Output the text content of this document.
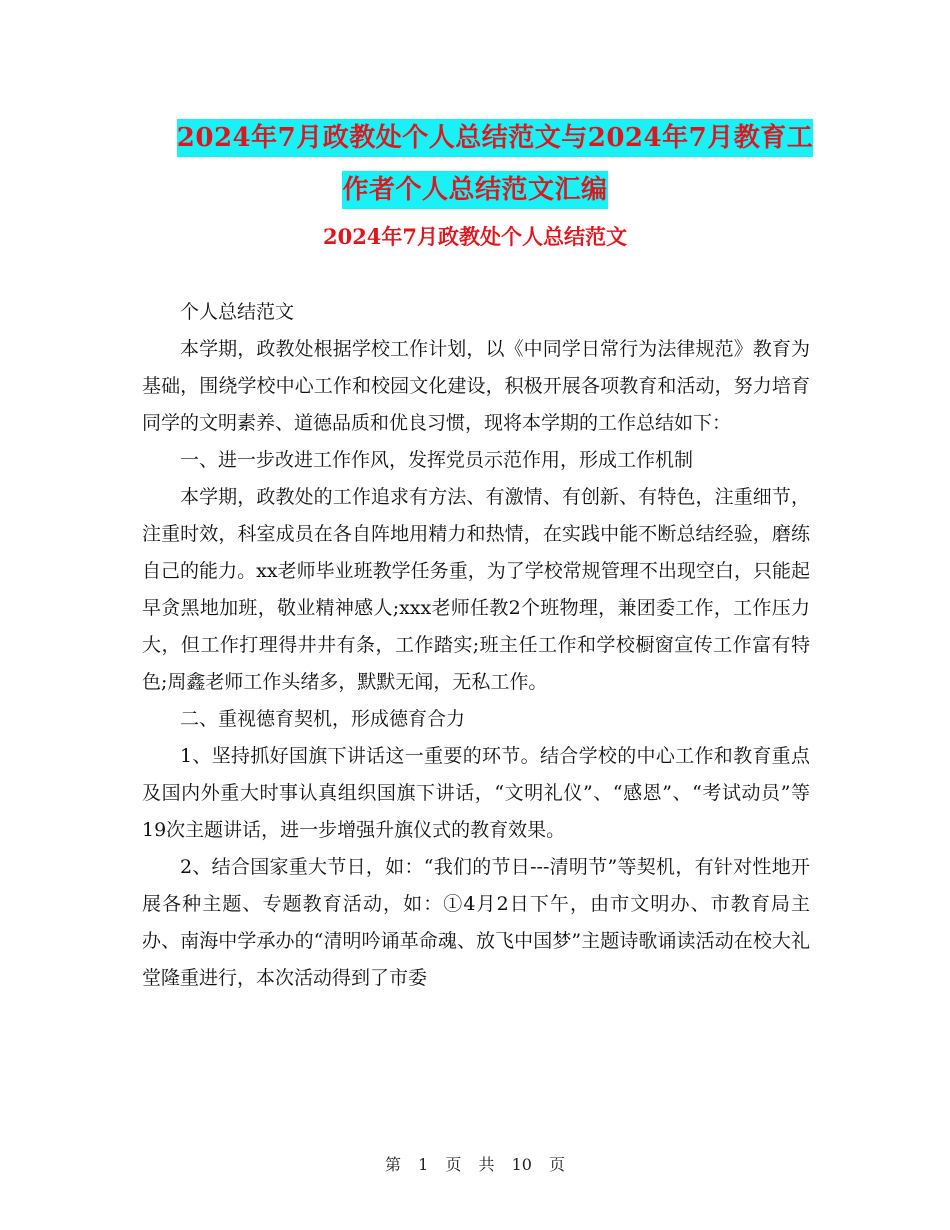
2024年7月政教处个人总结范文与2024年7月教育工
作者个人总结范文汇编
2024年7月政教处个人总结范文

个人总结范文

本学期，政教处根据学校工作计划，以《中同学日常行为法律规范》教育为基础，围绕学校中心工作和校园文化建设，积极开展各项教育和活动，努力培育同学的文明素养、道德品质和优良习惯，现将本学期的工作总结如下：

一、进一步改进工作作风，发挥党员示范作用，形成工作机制

本学期，政教处的工作追求有方法、有激情、有创新、有特色，注重细节，注重时效，科室成员在各自阵地用精力和热情，在实践中能不断总结经验，磨练自己的能力。xx老师毕业班教学任务重，为了学校常规管理不出现空白，只能起早贪黑地加班，敬业精神感人;xxx老师任教2个班物理，兼团委工作，工作压力大，但工作打理得井井有条，工作踏实;班主任工作和学校橱窗宣传工作富有特色;周鑫老师工作头绪多，默默无闻，无私工作。

二、重视德育契机，形成德育合力

1、坚持抓好国旗下讲话这一重要的环节。结合学校的中心工作和教育重点及国内外重大时事认真组织国旗下讲话，“文明礼仪”、“感恩”、“考试动员”等19次主题讲话，进一步增强升旗仪式的教育效果。

2、结合国家重大节日，如：“我们的节日---清明节”等契机，有针对性地开展各种主题、专题教育活动，如：①4月2日下午，由市文明办、市教育局主办、南海中学承办的“清明吟诵革命魂、放飞中国梦”主题诗歌诵读活动在校大礼堂隆重进行，本次活动得到了市委

第 1 页 共 10 页
